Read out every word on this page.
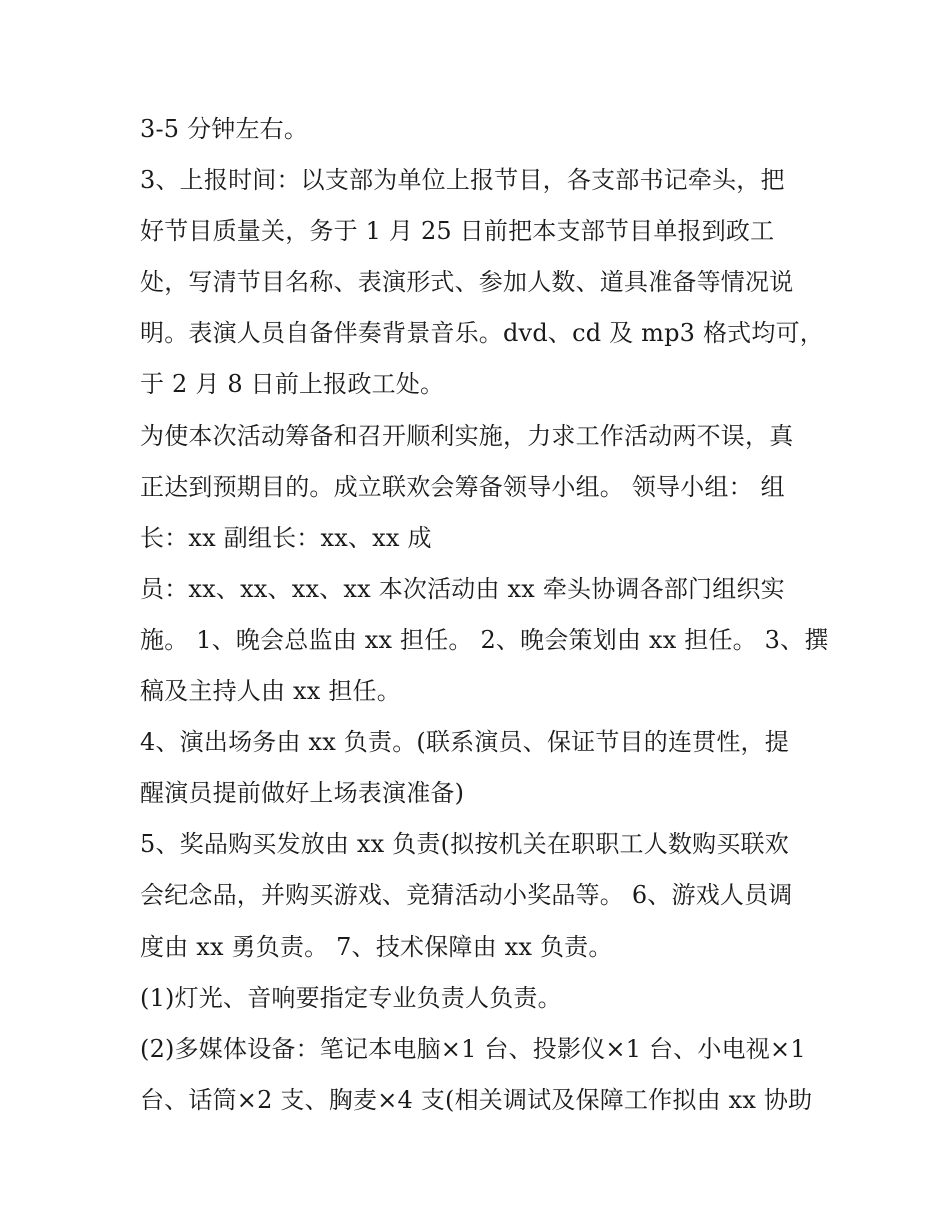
3-5 分钟左右。
3、上报时间：以支部为单位上报节目，各支部书记牵头，把
好节目质量关，务于 1 月 25 日前把本支部节目单报到政工
处，写清节目名称、表演形式、参加人数、道具准备等情况说
明。表演人员自备伴奏背景音乐。dvd、cd 及 mp3 格式均可，
于 2 月 8 日前上报政工处。
为使本次活动筹备和召开顺利实施，力求工作活动两不误，真
正达到预期目的。成立联欢会筹备领导小组。 领导小组： 组
长：xx 副组长：xx、xx 成
员：xx、xx、xx、xx 本次活动由 xx 牵头协调各部门组织实
施。 1、晚会总监由 xx 担任。 2、晚会策划由 xx 担任。 3、撰
稿及主持人由 xx 担任。
4、演出场务由 xx 负责。(联系演员、保证节目的连贯性，提
醒演员提前做好上场表演准备)
5、奖品购买发放由 xx 负责(拟按机关在职职工人数购买联欢
会纪念品，并购买游戏、竞猜活动小奖品等。 6、游戏人员调
度由 xx 勇负责。 7、技术保障由 xx 负责。
(1)灯光、音响要指定专业负责人负责。
(2)多媒体设备：笔记本电脑×1 台、投影仪×1 台、小电视×1
台、话筒×2 支、胸麦×4 支(相关调试及保障工作拟由 xx 协助
